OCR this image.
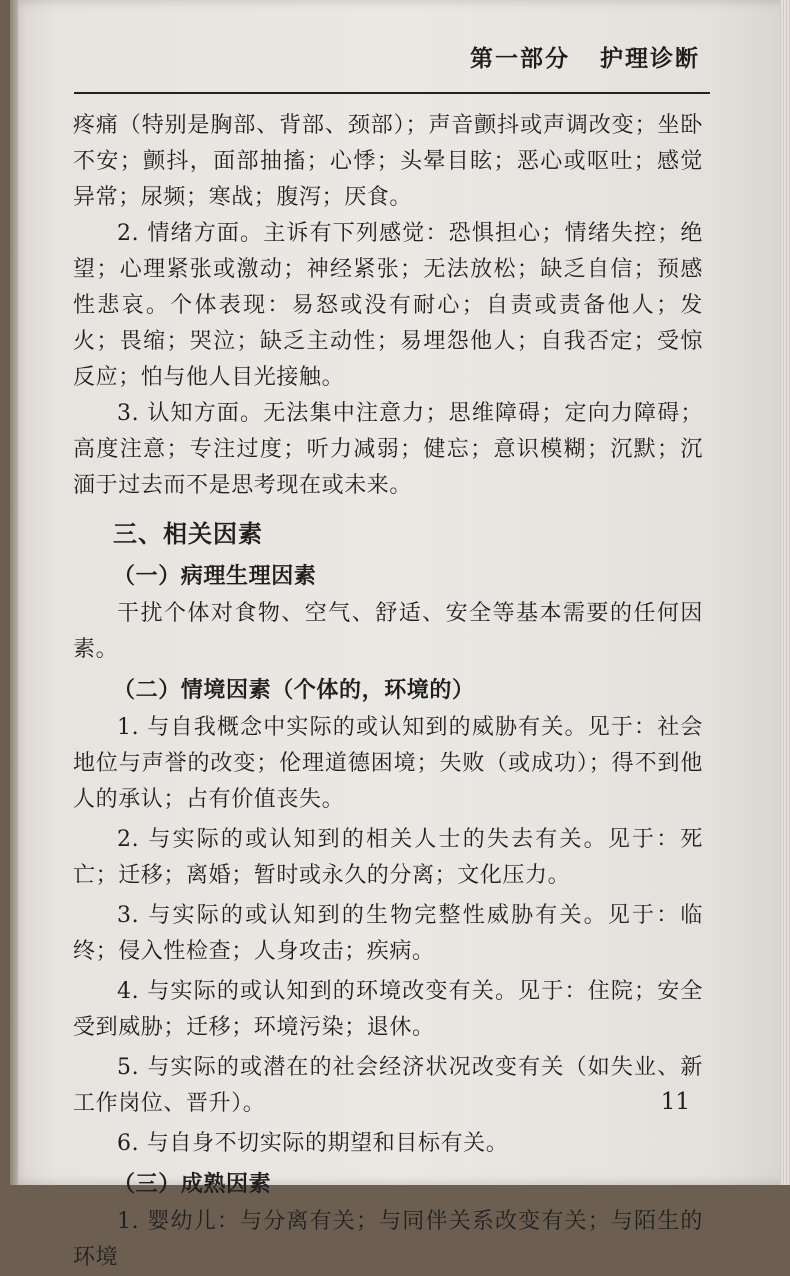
第一部分   护理诊断

疼痛（特别是胸部、背部、颈部）；声音颤抖或声调改变；坐卧不安；颤抖，面部抽搐；心悸；头晕目眩；恶心或呕吐；感觉异常；尿频；寒战；腹泻；厌食。

2. 情绪方面。主诉有下列感觉：恐惧担心；情绪失控；绝望；心理紧张或激动；神经紧张；无法放松；缺乏自信；预感性悲哀。个体表现：易怒或没有耐心；自责或责备他人；发火；畏缩；哭泣；缺乏主动性；易埋怨他人；自我否定；受惊反应；怕与他人目光接触。

3. 认知方面。无法集中注意力；思维障碍；定向力障碍；高度注意；专注过度；听力减弱；健忘；意识模糊；沉默；沉湎于过去而不是思考现在或未来。

三、相关因素
（一）病理生理因素

干扰个体对食物、空气、舒适、安全等基本需要的任何因素。

（二）情境因素（个体的，环境的）

1. 与自我概念中实际的或认知到的威胁有关。见于：社会地位与声誉的改变；伦理道德困境；失败（或成功）；得不到他人的承认；占有价值丧失。

2. 与实际的或认知到的相关人士的失去有关。见于：死亡；迁移；离婚；暂时或永久的分离；文化压力。

3. 与实际的或认知到的生物完整性威胁有关。见于：临终；侵入性检查；人身攻击；疾病。

4. 与实际的或认知到的环境改变有关。见于：住院；安全受到威胁；迁移；环境污染；退休。

5. 与实际的或潜在的社会经济状况改变有关（如失业、新工作岗位、晋升）。

6. 与自身不切实际的期望和目标有关。

（三）成熟因素

1. 婴幼儿：与分离有关；与同伴关系改变有关；与陌生的环境

11
